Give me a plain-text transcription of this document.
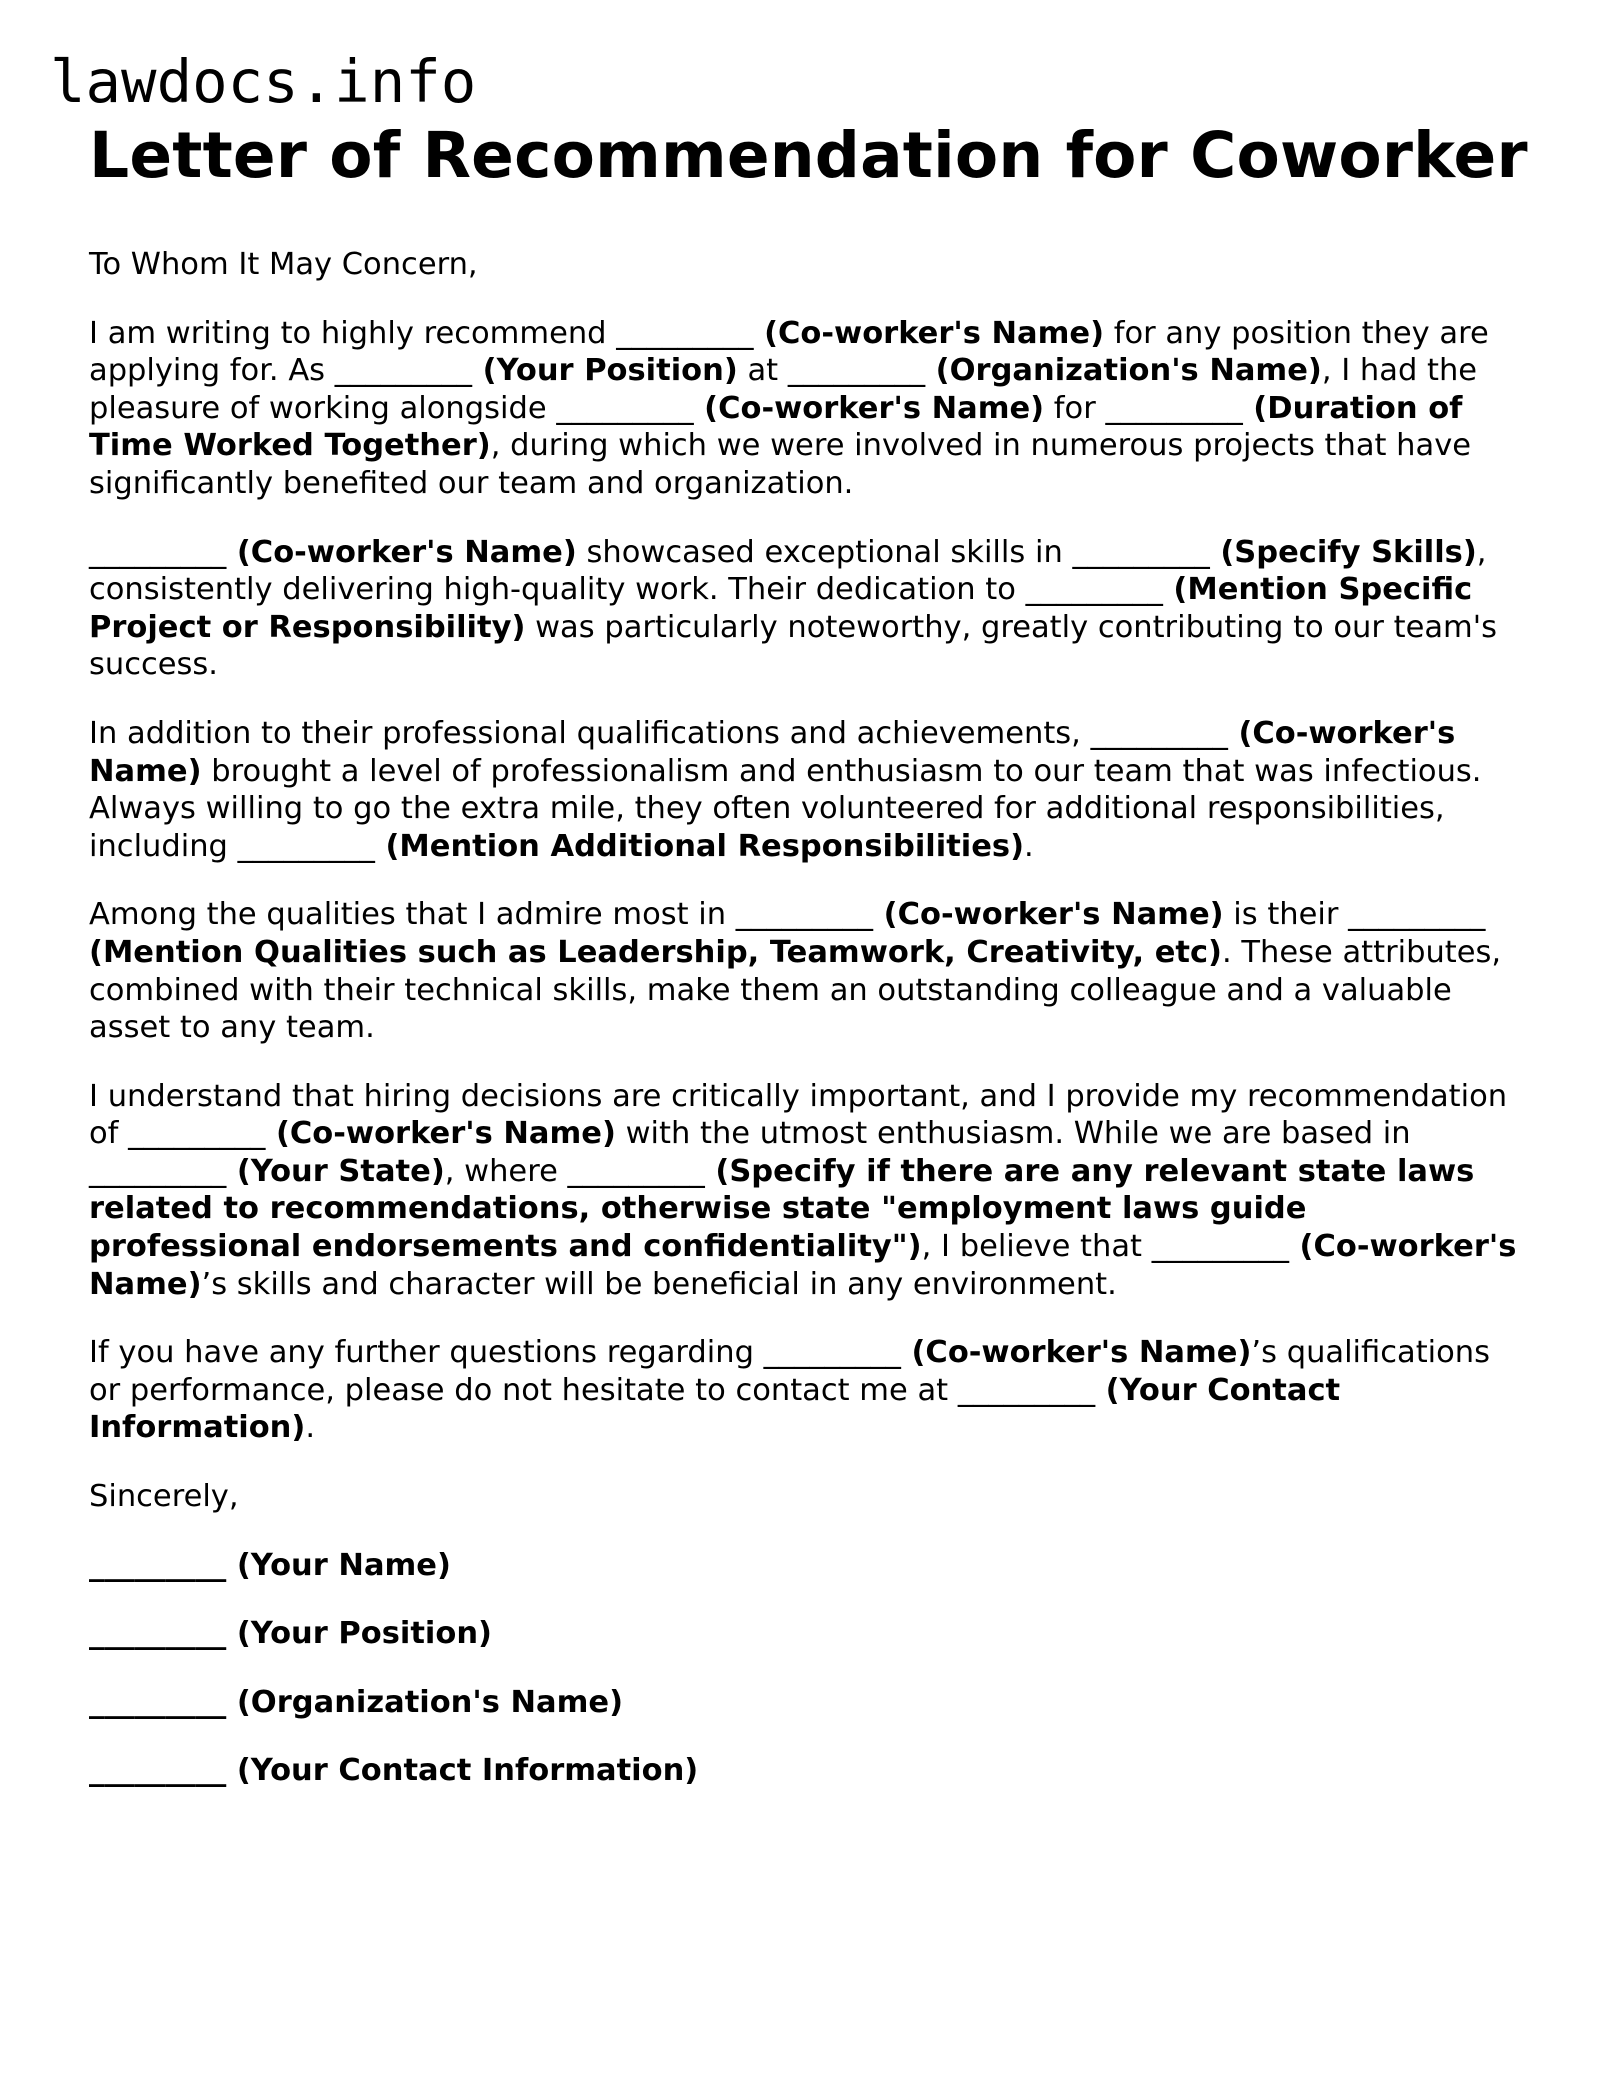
lawdocs.info
Letter of Recommendation for Coworker

To Whom It May Concern,

I am writing to highly recommend _________ (Co-worker's Name) for any position they are applying for. As _________ (Your Position) at _________ (Organization's Name), I had the pleasure of working alongside _________ (Co-worker's Name) for _________ (Duration of Time Worked Together), during which we were involved in numerous projects that have significantly benefited our team and organization.

_________ (Co-worker's Name) showcased exceptional skills in _________ (Specify Skills), consistently delivering high-quality work. Their dedication to _________ (Mention Specific Project or Responsibility) was particularly noteworthy, greatly contributing to our team's success.

In addition to their professional qualifications and achievements, _________ (Co-worker's Name) brought a level of professionalism and enthusiasm to our team that was infectious. Always willing to go the extra mile, they often volunteered for additional responsibilities, including _________ (Mention Additional Responsibilities).

Among the qualities that I admire most in _________ (Co-worker's Name) is their _________ (Mention Qualities such as Leadership, Teamwork, Creativity, etc). These attributes, combined with their technical skills, make them an outstanding colleague and a valuable asset to any team.

I understand that hiring decisions are critically important, and I provide my recommendation of _________ (Co-worker's Name) with the utmost enthusiasm. While we are based in _________ (Your State), where _________ (Specify if there are any relevant state laws related to recommendations, otherwise state "employment laws guide professional endorsements and confidentiality"), I believe that _________ (Co-worker's Name)’s skills and character will be beneficial in any environment.

If you have any further questions regarding _________ (Co-worker's Name)’s qualifications or performance, please do not hesitate to contact me at _________ (Your Contact Information).

Sincerely,

_________ (Your Name)

_________ (Your Position)

_________ (Organization's Name)

_________ (Your Contact Information)
